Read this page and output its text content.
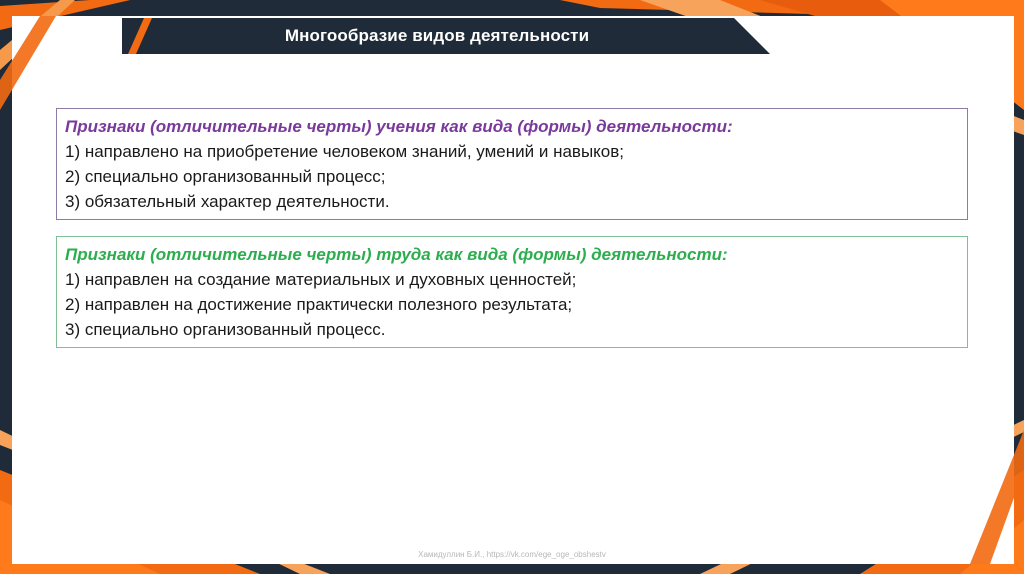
Многообразие видов деятельности

Признаки (отличительные черты) учения как вида (формы) деятельности:

1) направлено на приобретение человеком знаний, умений и навыков;

2) специально организованный процесс;

3) обязательный характер деятельности.

Признаки (отличительные черты) труда как вида (формы) деятельности:

1) направлен на создание материальных и духовных ценностей;

2) направлен на достижение практически полезного результата;

3) специально организованный процесс.

Хамидуллин Б.И., https://vk.com/ege_oge_obshestv
